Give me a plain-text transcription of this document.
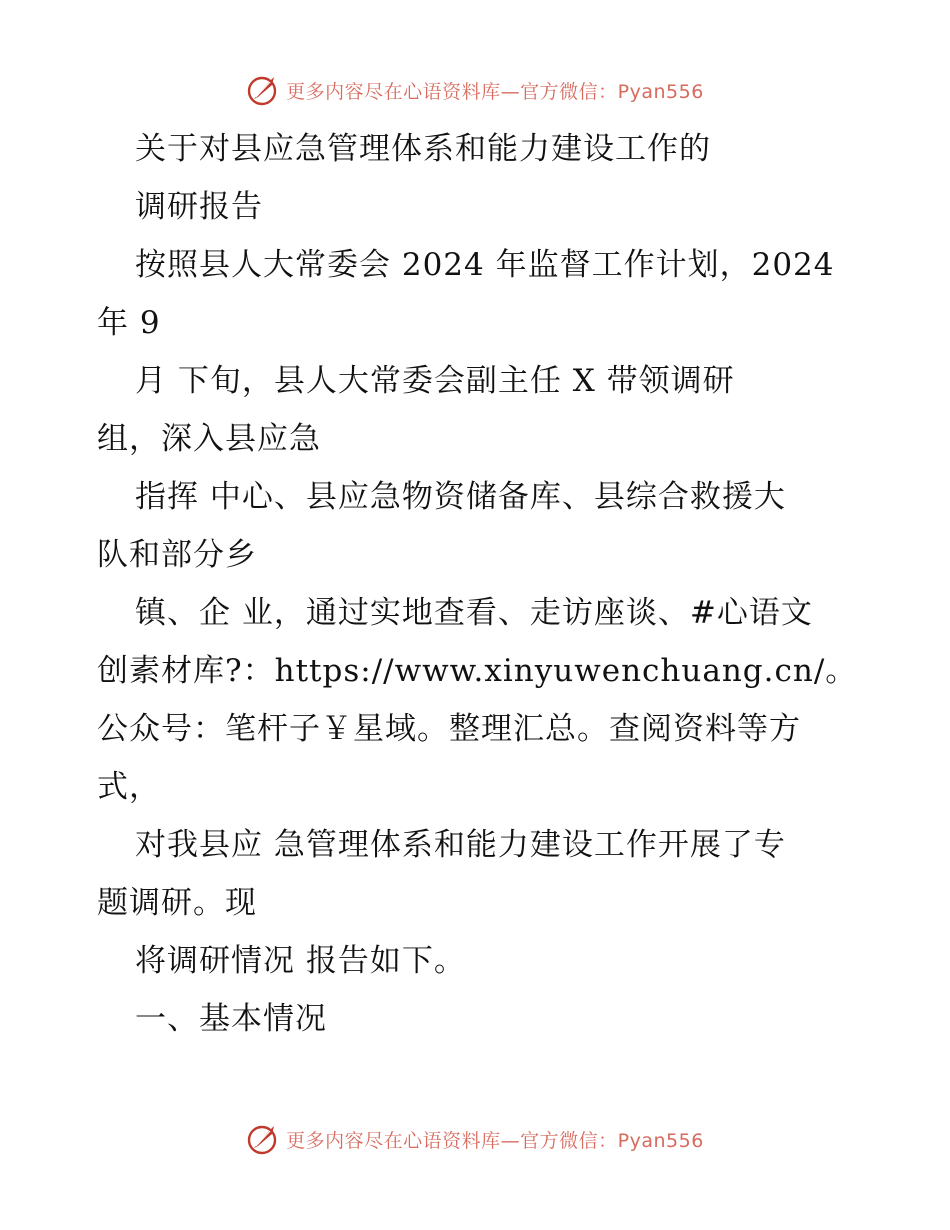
更多内容尽在心语资料库—官方微信：Pyan556
关于对县应急管理体系和能力建设工作的
调研报告
按照县人大常委会 2024 年监督工作计划，2024
年 9
月 下旬，县人大常委会副主任 X 带领调研
组，深入县应急
指挥 中心、县应急物资储备库、县综合救援大
队和部分乡
镇、企 业，通过实地查看、走访座谈、#心语文
创素材库?：https://www.xinyuwenchuang.cn/。
公众号：笔杆子￥星域。整理汇总。查阅资料等方
式，
对我县应 急管理体系和能力建设工作开展了专
题调研。现
将调研情况 报告如下。
一、基本情况
更多内容尽在心语资料库—官方微信：Pyan556
